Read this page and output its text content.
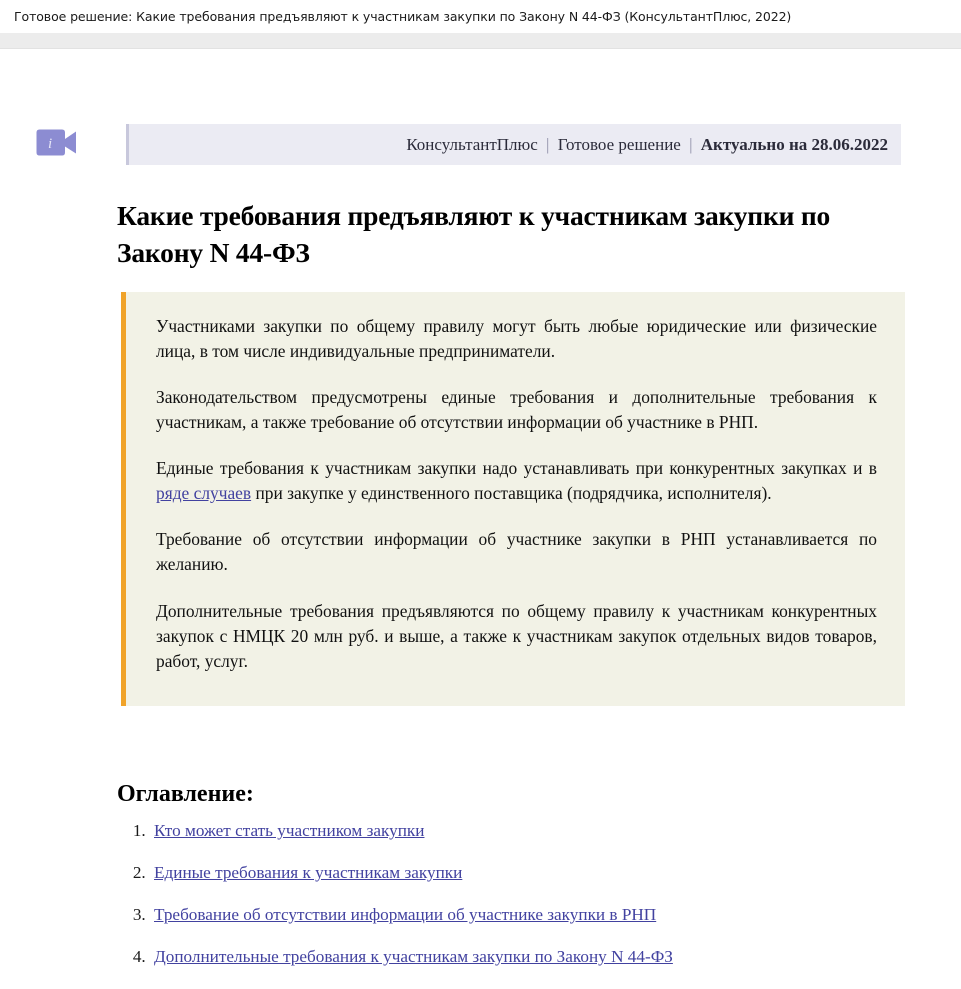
Готовое решение: Какие требования предъявляют к участникам закупки по Закону N 44-ФЗ (КонсультантПлюс, 2022)
i	КонсультантПлюс | Готовое решение | Актуально на 28.06.2022
Какие требования предъявляют к участникам закупки по Закону N 44-ФЗ

Участниками закупки по общему правилу могут быть любые юридические или физические лица, в том числе индивидуальные предприниматели.

Законодательством предусмотрены единые требования и дополнительные требования к участникам, а также требование об отсутствии информации об участнике в РНП.

Единые требования к участникам закупки надо устанавливать при конкурентных закупках и в ряде случаев при закупке у единственного поставщика (подрядчика, исполнителя).

Требование об отсутствии информации об участнике закупки в РНП устанавливается по желанию.

Дополнительные требования предъявляются по общему правилу к участникам конкурентных закупок с НМЦК 20 млн руб. и выше, а также к участникам закупок отдельных видов товаров, работ, услуг.

Оглавление:
1. Кто может стать участником закупки
2. Единые требования к участникам закупки
3. Требование об отсутствии информации об участнике закупки в РНП
4. Дополнительные требования к участникам закупки по Закону N 44-ФЗ
